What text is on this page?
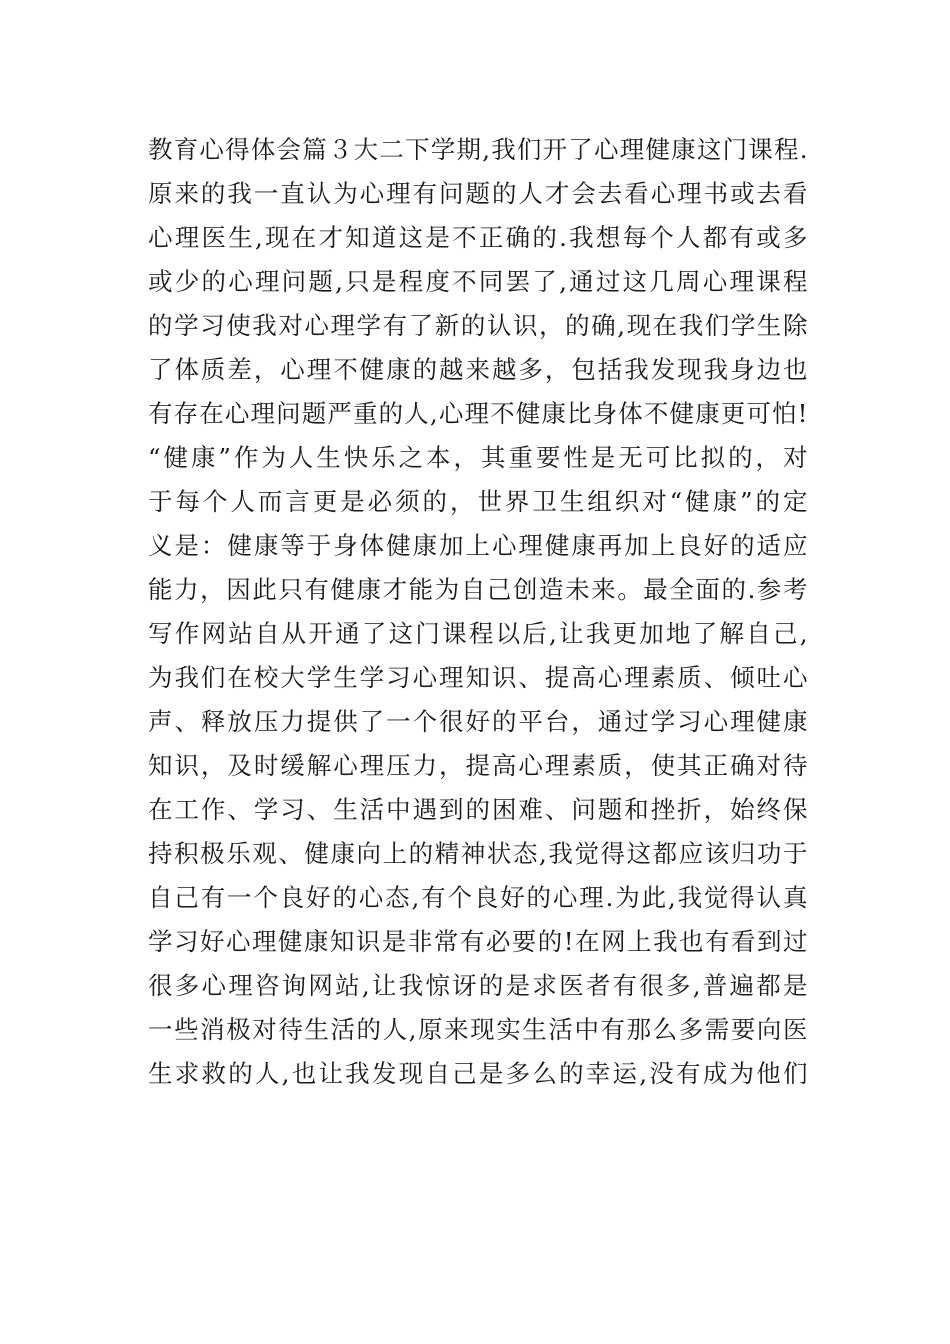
教育心得体会篇３大二下学期,我们开了心理健康这门课程.
原来的我一直认为心理有问题的人才会去看心理书或去看
心理医生,现在才知道这是不正确的.我想每个人都有或多
或少的心理问题,只是程度不同罢了,通过这几周心理课程
的学习使我对心理学有了新的认识，的确,现在我们学生除
了体质差，心理不健康的越来越多，包括我发现我身边也
有存在心理问题严重的人,心理不健康比身体不健康更可怕!
“健康”作为人生快乐之本，其重要性是无可比拟的，对
于每个人而言更是必须的，世界卫生组织对“健康”的定
义是：健康等于身体健康加上心理健康再加上良好的适应
能力，因此只有健康才能为自己创造未来。最全面的.参考
写作网站自从开通了这门课程以后,让我更加地了解自己,
为我们在校大学生学习心理知识、提高心理素质、倾吐心
声、释放压力提供了一个很好的平台，通过学习心理健康
知识，及时缓解心理压力，提高心理素质，使其正确对待
在工作、学习、生活中遇到的困难、问题和挫折，始终保
持积极乐观、健康向上的精神状态,我觉得这都应该归功于
自己有一个良好的心态,有个良好的心理.为此,我觉得认真
学习好心理健康知识是非常有必要的!在网上我也有看到过
很多心理咨询网站,让我惊讶的是求医者有很多,普遍都是
一些消极对待生活的人,原来现实生活中有那么多需要向医
生求救的人,也让我发现自己是多么的幸运,没有成为他们
